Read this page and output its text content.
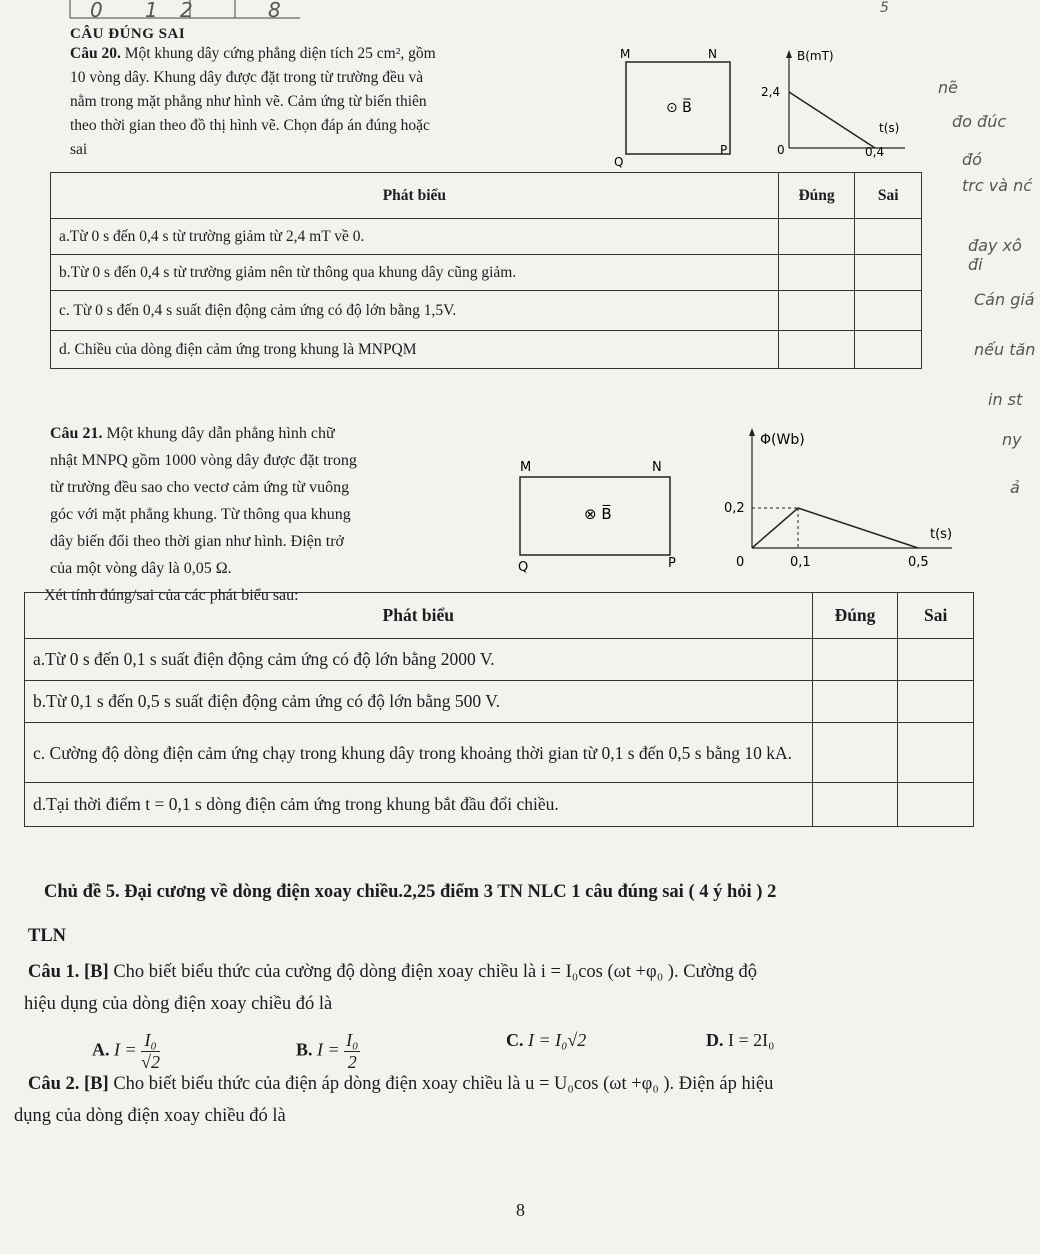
0 1 2	8	5
CÂU ĐÚNG SAI
Câu 20. Một khung dây cứng phẳng diện tích 25 cm², gồm
10 vòng dây. Khung dây được đặt trong từ trường đều và
nằm trong mặt phẳng như hình vẽ. Cảm ứng từ biến thiên
theo thời gian theo đồ thị hình vẽ. Chọn đáp án đúng hoặc
sai
M	N
Q
P
⊙ B̅
B(mT)
2,4
t(s)
0,4
0
Phát biểu	Đúng	Sai
a.Từ 0 s đến 0,4 s từ trường giảm từ 2,4 mT về 0.		
b.Từ 0 s đến 0,4 s từ trường giảm nên từ thông qua khung dây cũng giảm.		
c. Từ 0 s đến 0,4 s suất điện động cảm ứng có độ lớn bằng 1,5V.		
d. Chiều của dòng điện cảm ứng trong khung là MNPQM		
Câu 21. Một khung dây dẫn phẳng hình chữ
nhật MNPQ gồm 1000 vòng dây được đặt trong
từ trường đều sao cho vectơ cảm ứng từ vuông
góc với mặt phẳng khung. Từ thông qua khung
dây biến đổi theo thời gian như hình. Điện trở
của một vòng dây là 0,05 Ω.
M	N
Q	P
⊗ B̅
Φ(Wb)
0,2
t(s)
0,1	0,5
0
Xét tính đúng/sai của các phát biểu sau:
Phát biểu	Đúng	Sai
a.Từ 0 s đến 0,1 s suất điện động cảm ứng có độ lớn bằng 2000 V.		
b.Từ 0,1 s đến 0,5 s suất điện động cảm ứng có độ lớn bằng 500 V.		
c. Cường độ dòng điện cảm ứng chạy trong khung dây trong khoảng thời gian từ 0,1 s đến 0,5 s bằng 10 kA.		
d.Tại thời điểm t = 0,1 s dòng điện cảm ứng trong khung bắt đầu đổi chiều.		
Chủ đề 5. Đại cương về dòng điện xoay chiều.2,25 điểm 3 TN NLC 1 câu đúng sai ( 4 ý hỏi ) 2
TLN
Câu 1. [B] Cho biết biểu thức của cường độ dòng điện xoay chiều là i = I₀cos (ωt +φ₀ ). Cường độ
hiệu dụng của dòng điện xoay chiều đó là
A. $I = \frac{\text{I₀}}{√2}$	B. $I = \frac{\text{I₀}}{2}$	C. I = I₀√2	D. I = 2I₀
Câu 2. [B] Cho biết biểu thức của điện áp dòng điện xoay chiều là u = U₀cos (ωt +φ₀ ). Điện áp hiệu
dụng của dòng điện xoay chiều đó là
8
nẽ
đo đúc
đó
trc và nć
đay xô đi
Cán giá
nếu tăn
in st
ny
ả
